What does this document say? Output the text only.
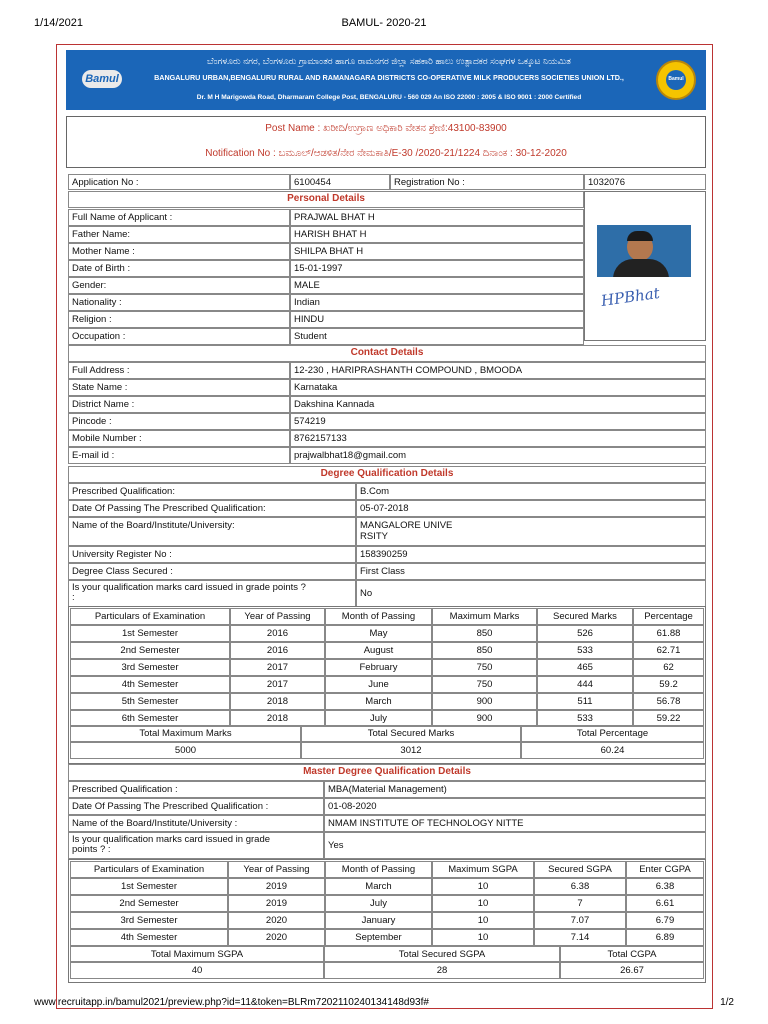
1/14/2021	BAMUL- 2020-21
www.recruitapp.in/bamul2021/preview.php?id=11&token=BLRm7202110240134148d93f#	1/2
Bamul
ಬೆಂಗಳೂರು ನಗರ, ಬೆಂಗಳೂರು ಗ್ರಾಮಾಂತರ ಹಾಗೂ ರಾಮನಗರ ಜಿಲ್ಲಾ ಸಹಕಾರಿ ಹಾಲು ಉತ್ಪಾದಕರ ಸಂಘಗಳ ಒಕ್ಕೂಟ ನಿಯಮಿತ
BANGALURU URBAN,BENGALURU RURAL AND RAMANAGARA DISTRICTS CO-OPERATIVE MILK PRODUCERS SOCIETIES UNION LTD.,
Dr. M H Marigowda Road, Dharmaram College Post, BENGALURU - 560 029 An ISO 22000 : 2005 & ISO 9001 : 2000 Certified
Bamul
Post Name : ಖರೀದಿ/ಉಗ್ರಾಣ ಅಧಿಕಾರಿ ವೇತನ ಶ್ರೇಣಿ:43100-83900
Notification No : ಬಮೂಲ್/ಆಡಳಿತ/ನೇರ ನೇಮಕಾತಿ/E-30 /2020-21/1224 ದಿನಾಂಕ : 30-12-2020
Application No :	6100454	Registration No :	1032076
Personal Details
Full Name of Applicant :	PRAJWAL BHAT H
Father Name:	HARISH BHAT H
Mother Name :	SHILPA BHAT H
Date of Birth :	15-01-1997
Gender:	MALE
Nationality :	Indian
Religion :	HINDU
Occupation :	Student
Contact Details
Full Address :	12-230 , HARIPRASHANTH COMPOUND , BMOODA
State Name :	Karnataka
District Name :	Dakshina Kannada
Pincode :	574219
Mobile Number :	8762157133
E-mail id :	prajwalbhat18@gmail.com
Degree Qualification Details
Prescribed Qualification:	B.Com
Date Of Passing The Prescribed Qualification:	05-07-2018
Name of the Board/Institute/University:	MANGALORE UNIVE
RSITY
University Register No :	158390259
Degree Class Secured :	First Class
Is your qualification marks card issued in grade points ?
:	No
Particulars of Examination	Year of Passing	Month of Passing	Maximum Marks	Secured Marks	Percentage
1st Semester	2016	May	850	526	61.88
2nd Semester	2016	August	850	533	62.71
3rd Semester	2017	February	750	465	62
4th Semester	2017	June	750	444	59.2
5th Semester	2018	March	900	511	56.78
6th Semester	2018	July	900	533	59.22
Total Maximum Marks	Total Secured Marks	Total Percentage
5000	3012	60.24
Master Degree Qualification Details
Prescribed Qualification :	MBA(Material Management)
Date Of Passing The Prescribed Qualification :	01-08-2020
Name of the Board/Institute/University :	NMAM INSTITUTE OF TECHNOLOGY NITTE
Is your qualification marks card issued in grade
points ? :	Yes
Particulars of Examination	Year of Passing	Month of Passing	Maximum SGPA	Secured SGPA	Enter CGPA
1st Semester	2019	March	10	6.38	6.38
2nd Semester	2019	July	10	7	6.61
3rd Semester	2020	January	10	7.07	6.79
4th Semester	2020	September	10	7.14	6.89
Total Maximum SGPA	Total Secured SGPA	Total CGPA
40	28	26.67
HPBhat
